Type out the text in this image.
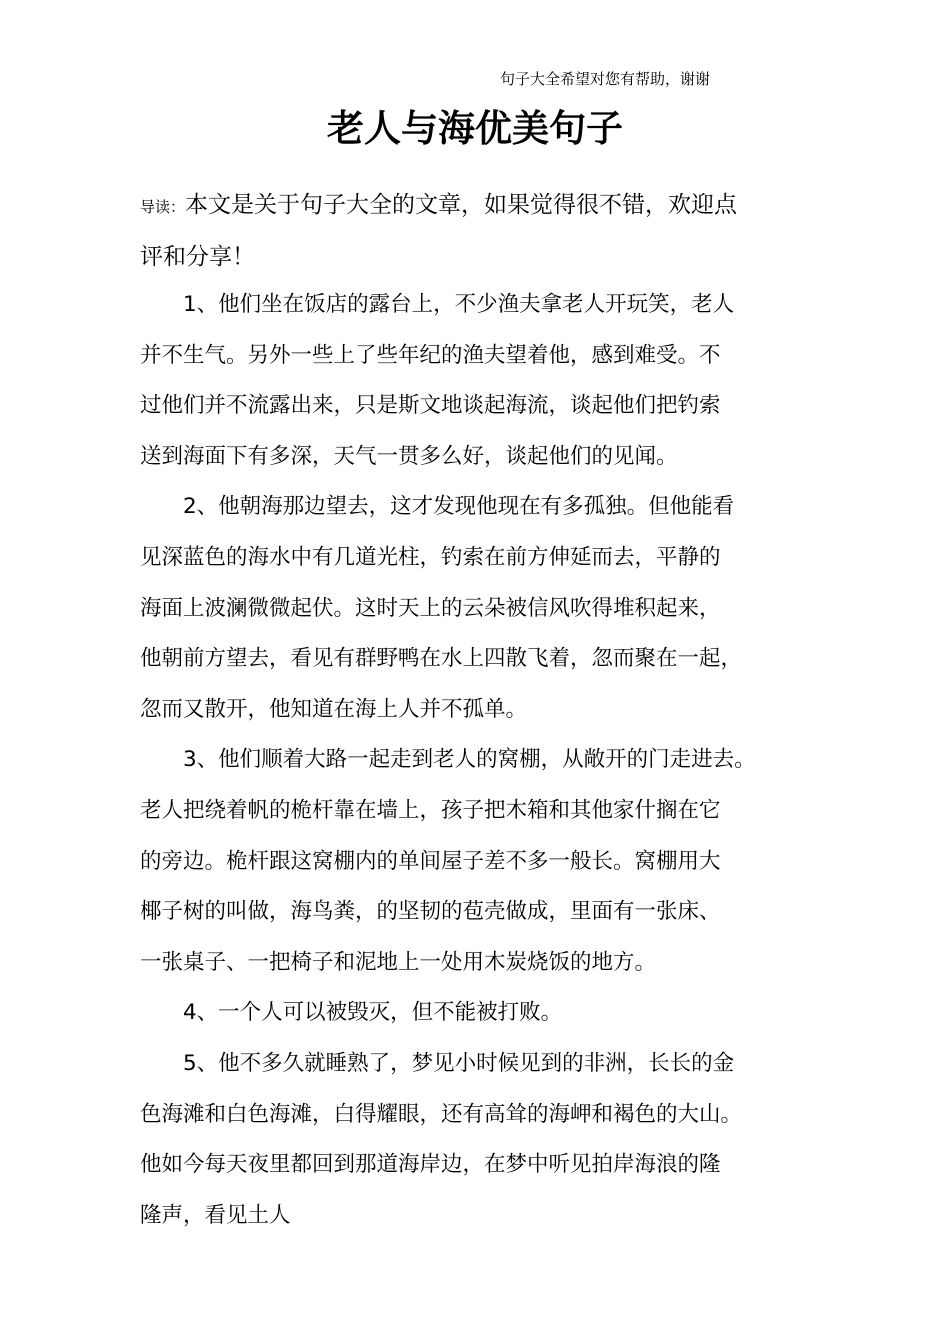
句子大全希望对您有帮助，谢谢
老人与海优美句子
导读：本文是关于句子大全的文章，如果觉得很不错，欢迎点
评和分享！

1、他们坐在饭店的露台上，不少渔夫拿老人开玩笑，老人
并不生气。另外一些上了些年纪的渔夫望着他，感到难受。不
过他们并不流露出来，只是斯文地谈起海流，谈起他们把钓索
送到海面下有多深，天气一贯多么好，谈起他们的见闻。

2、他朝海那边望去，这才发现他现在有多孤独。但他能看
见深蓝色的海水中有几道光柱，钓索在前方伸延而去，平静的
海面上波澜微微起伏。这时天上的云朵被信风吹得堆积起来，
他朝前方望去，看见有群野鸭在水上四散飞着，忽而聚在一起，
忽而又散开，他知道在海上人并不孤单。

3、他们顺着大路一起走到老人的窝棚，从敞开的门走进去。
老人把绕着帆的桅杆靠在墙上，孩子把木箱和其他家什搁在它
的旁边。桅杆跟这窝棚内的单间屋子差不多一般长。窝棚用大
椰子树的叫做，海鸟粪，的坚韧的苞壳做成，里面有一张床、
一张桌子、一把椅子和泥地上一处用木炭烧饭的地方。

4、一个人可以被毁灭，但不能被打败。

5、他不多久就睡熟了，梦见小时候见到的非洲，长长的金
色海滩和白色海滩，白得耀眼，还有高耸的海岬和褐色的大山。
他如今每天夜里都回到那道海岸边，在梦中听见拍岸海浪的隆
隆声，看见土人
